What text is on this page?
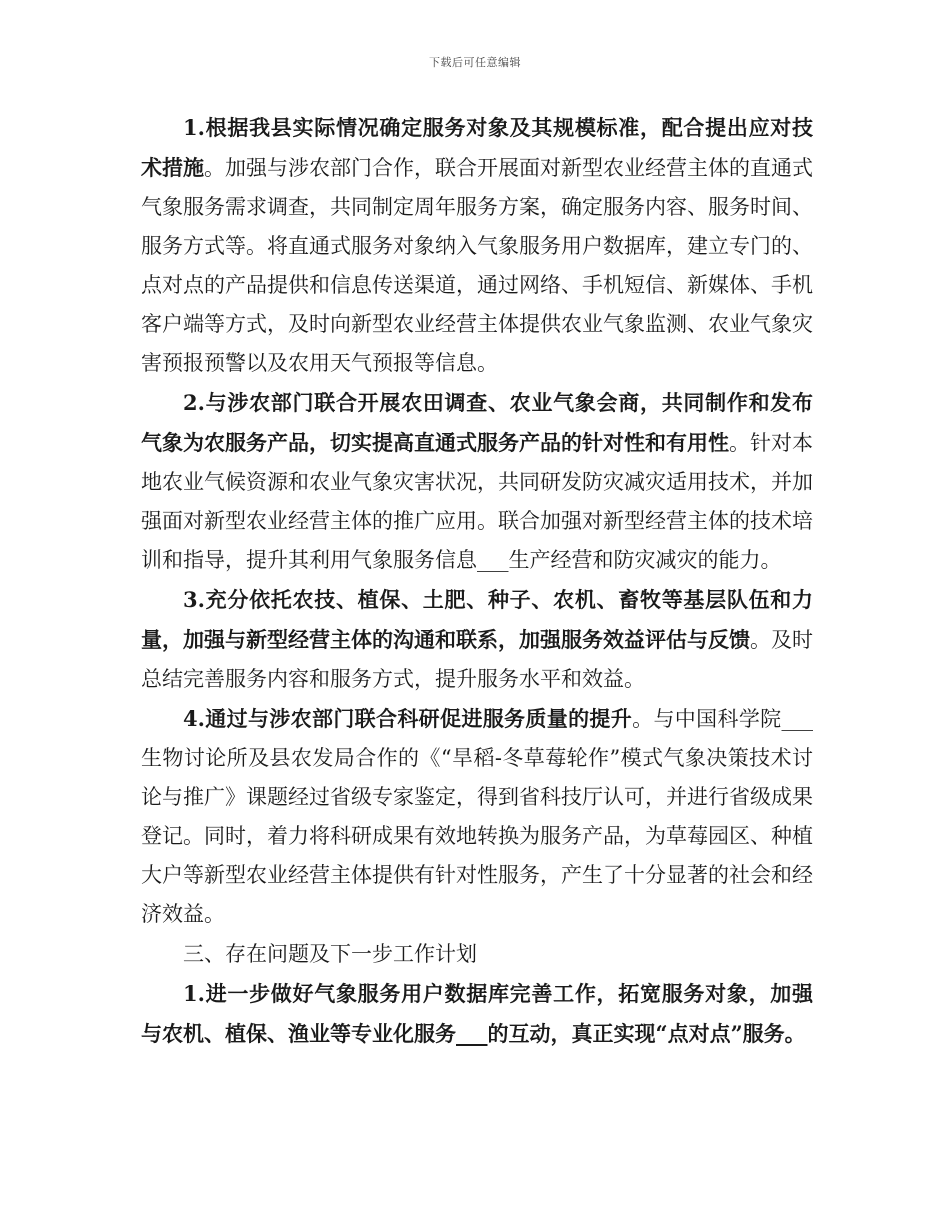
下载后可任意编辑

1.根据我县实际情况确定服务对象及其规模标准，配合提出应对技术措施。加强与涉农部门合作，联合开展面对新型农业经营主体的直通式气象服务需求调查，共同制定周年服务方案，确定服务内容、服务时间、服务方式等。将直通式服务对象纳入气象服务用户数据库，建立专门的、点对点的产品提供和信息传送渠道，通过网络、手机短信、新媒体、手机客户端等方式，及时向新型农业经营主体提供农业气象监测、农业气象灾害预报预警以及农用天气预报等信息。

2.与涉农部门联合开展农田调查、农业气象会商，共同制作和发布气象为农服务产品，切实提高直通式服务产品的针对性和有用性。针对本地农业气候资源和农业气象灾害状况，共同研发防灾减灾适用技术，并加强面对新型农业经营主体的推广应用。联合加强对新型经营主体的技术培训和指导，提升其利用气象服务信息___生产经营和防灾减灾的能力。

3.充分依托农技、植保、土肥、种子、农机、畜牧等基层队伍和力量，加强与新型经营主体的沟通和联系，加强服务效益评估与反馈。及时总结完善服务内容和服务方式，提升服务水平和效益。

4.通过与涉农部门联合科研促进服务质量的提升。与中国科学院___生物讨论所及县农发局合作的《“旱稻-冬草莓轮作”模式气象决策技术讨论与推广》课题经过省级专家鉴定，得到省科技厅认可，并进行省级成果登记。同时，着力将科研成果有效地转换为服务产品，为草莓园区、种植大户等新型农业经营主体提供有针对性服务，产生了十分显著的社会和经济效益。

三、存在问题及下一步工作计划

1.进一步做好气象服务用户数据库完善工作，拓宽服务对象，加强与农机、植保、渔业等专业化服务___的互动，真正实现“点对点”服务。
